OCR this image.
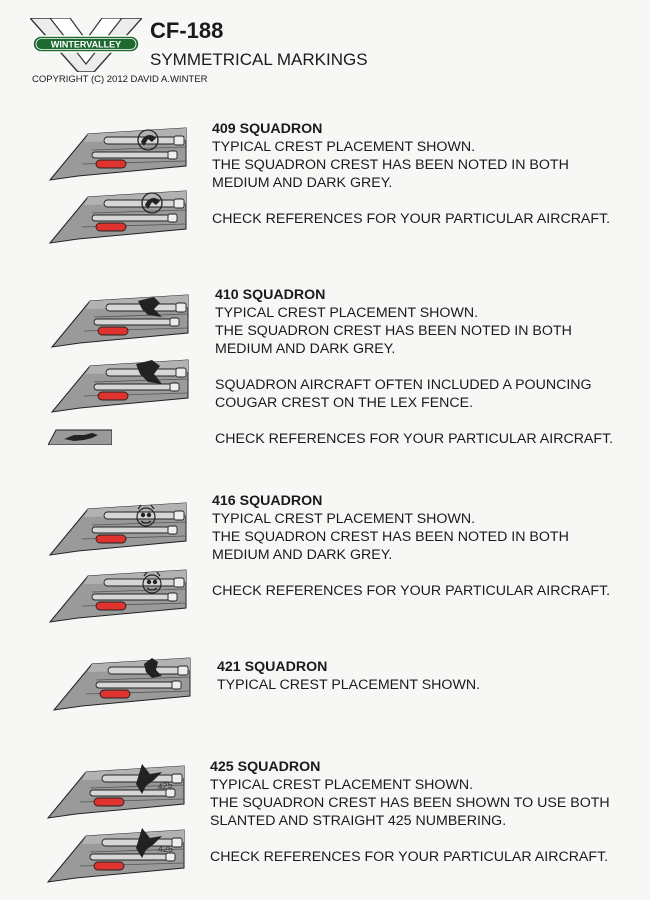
WINTERVALLEY
CF-188
SYMMETRICAL MARKINGS
COPYRIGHT (C) 2012 DAVID A.WINTER

409 SQUADRON

TYPICAL CREST PLACEMENT SHOWN.

THE SQUADRON CREST HAS BEEN NOTED IN BOTH

MEDIUM AND DARK GREY.

CHECK REFERENCES FOR YOUR PARTICULAR AIRCRAFT.

410 SQUADRON

TYPICAL CREST PLACEMENT SHOWN.

THE SQUADRON CREST HAS BEEN NOTED IN BOTH

MEDIUM AND DARK GREY.

SQUADRON AIRCRAFT OFTEN INCLUDED A POUNCING

COUGAR CREST ON THE LEX FENCE.

CHECK REFERENCES FOR YOUR PARTICULAR AIRCRAFT.

416 SQUADRON

TYPICAL CREST PLACEMENT SHOWN.

THE SQUADRON CREST HAS BEEN NOTED IN BOTH

MEDIUM AND DARK GREY.

CHECK REFERENCES FOR YOUR PARTICULAR AIRCRAFT.

421 SQUADRON

TYPICAL CREST PLACEMENT SHOWN.

425
425

425 SQUADRON

TYPICAL CREST PLACEMENT SHOWN.

THE SQUADRON CREST HAS BEEN SHOWN TO USE BOTH

SLANTED AND STRAIGHT 425 NUMBERING.

CHECK REFERENCES FOR YOUR PARTICULAR AIRCRAFT.
